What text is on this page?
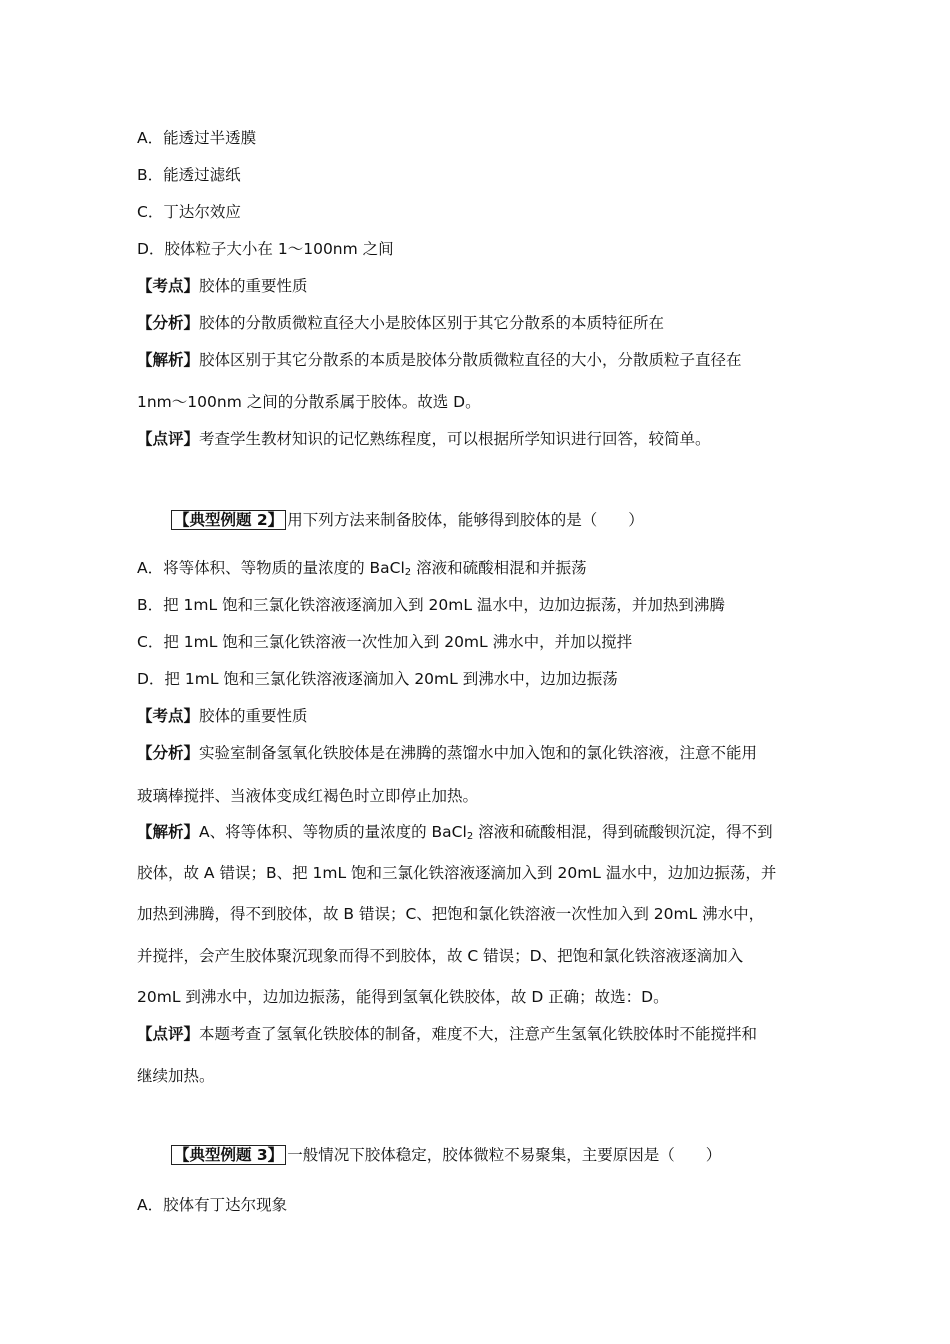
A．能透过半透膜
B．能透过滤纸
C．丁达尔效应
D．胶体粒子大小在 1～100nm 之间
【考点】胶体的重要性质
【分析】胶体的分散质微粒直径大小是胶体区别于其它分散系的本质特征所在
【解析】胶体区别于其它分散系的本质是胶体分散质微粒直径的大小，分散质粒子直径在
1nm～100nm 之间的分散系属于胶体。故选 D。
【点评】考查学生教材知识的记忆熟练程度，可以根据所学知识进行回答，较简单。
【典型例题 2】 用下列方法来制备胶体，能够得到胶体的是（　　）
A．将等体积、等物质的量浓度的 BaCl$_2$ 溶液和硫酸相混和并振荡
B．把 1mL 饱和三氯化铁溶液逐滴加入到 20mL 温水中，边加边振荡，并加热到沸腾
C．把 1mL 饱和三氯化铁溶液一次性加入到 20mL 沸水中，并加以搅拌
D．把 1mL 饱和三氯化铁溶液逐滴加入 20mL 到沸水中，边加边振荡
【考点】胶体的重要性质
【分析】实验室制备氢氧化铁胶体是在沸腾的蒸馏水中加入饱和的氯化铁溶液，注意不能用
玻璃棒搅拌、当液体变成红褐色时立即停止加热。
【解析】A、将等体积、等物质的量浓度的 BaCl$_2$ 溶液和硫酸相混，得到硫酸钡沉淀，得不到
胶体，故 A 错误；B、把 1mL 饱和三氯化铁溶液逐滴加入到 20mL 温水中，边加边振荡，并
加热到沸腾，得不到胶体，故 B 错误；C、把饱和氯化铁溶液一次性加入到 20mL 沸水中，
并搅拌，会产生胶体聚沉现象而得不到胶体，故 C 错误；D、把饱和氯化铁溶液逐滴加入
20mL 到沸水中，边加边振荡，能得到氢氧化铁胶体，故 D 正确；故选：D。
【点评】本题考查了氢氧化铁胶体的制备，难度不大，注意产生氢氧化铁胶体时不能搅拌和
继续加热。
【典型例题 3】 一般情况下胶体稳定，胶体微粒不易聚集，主要原因是（　　）
A．胶体有丁达尔现象
